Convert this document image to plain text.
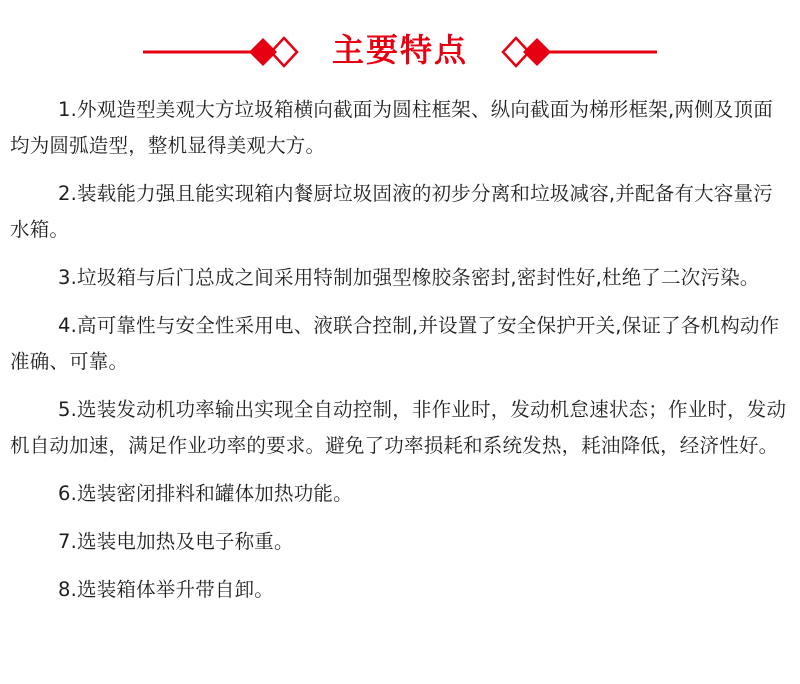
主要特点

1.外观造型美观大方垃圾箱横向截面为圆柱框架、纵向截面为梯形框架,两侧及顶面均为圆弧造型，整机显得美观大方。

2.装载能力强且能实现箱内餐厨垃圾固液的初步分离和垃圾减容,并配备有大容量污水箱。

3.垃圾箱与后门总成之间采用特制加强型橡胶条密封,密封性好,杜绝了二次污染。

4.高可靠性与安全性采用电、液联合控制,并设置了安全保护开关,保证了各机构动作准确、可靠。

5.选装发动机功率输出实现全自动控制，非作业时，发动机怠速状态；作业时，发动机自动加速，满足作业功率的要求。避免了功率损耗和系统发热，耗油降低，经济性好。

6.选装密闭排料和罐体加热功能。

7.选装电加热及电子称重。

8.选装箱体举升带自卸。
